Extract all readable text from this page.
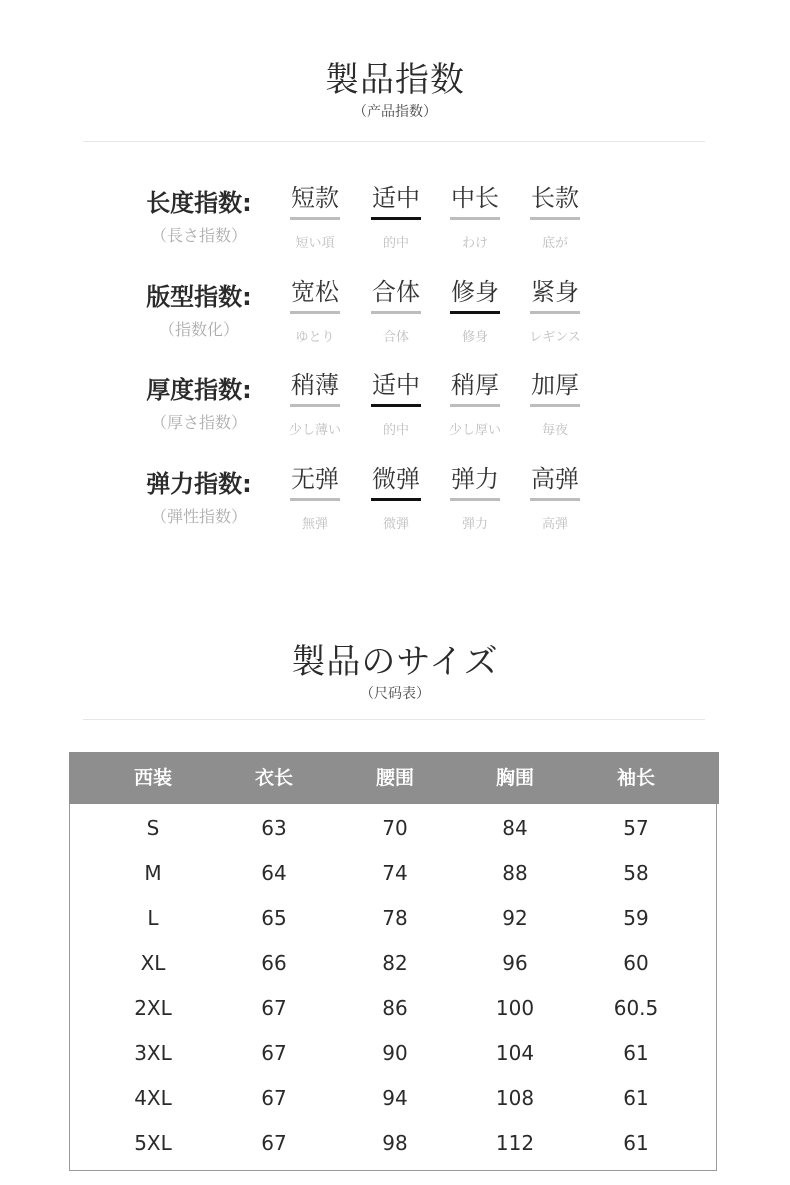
製品指数
（产品指数）
长度指数:
（長さ指数）
短款
短い項
适中
的中
中长
わけ
长款
底が
版型指数:
（指数化）
宽松
ゆとり
合体
合体
修身
修身
紧身
レギンス
厚度指数:
（厚さ指数）
稍薄
少し薄い
适中
的中
稍厚
少し厚い
加厚
毎夜
弹力指数:
（弾性指数）
无弹
無弾
微弹
微弾
弹力
弾力
高弹
高弾
製品のサイズ
（尺码表）
西装	衣长	腰围	胸围	袖长
S	63	70	84	57
M	64	74	88	58
L	65	78	92	59
XL	66	82	96	60
2XL	67	86	100	60.5
3XL	67	90	104	61
4XL	67	94	108	61
5XL	67	98	112	61
